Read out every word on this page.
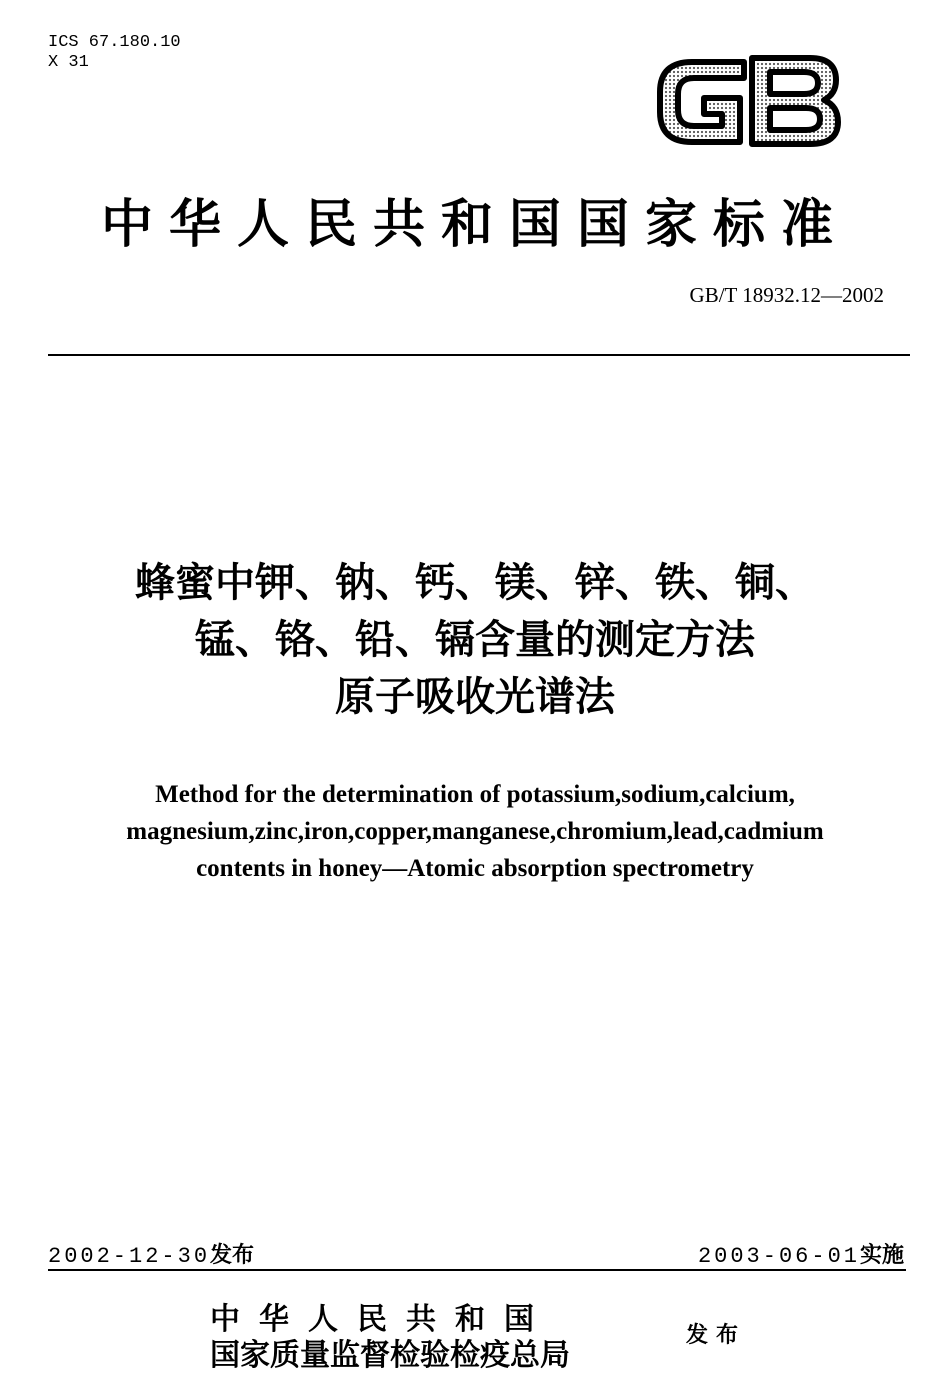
ICS 67.180.10
X 31
中华人民共和国国家标准
GB/T 18932.12—2002
蜂蜜中钾、钠、钙、镁、锌、铁、铜、
锰、铬、铅、镉含量的测定方法
原子吸收光谱法
Method for the determination of potassium,sodium,calcium,
magnesium,zinc,iron,copper,manganese,chromium,lead,cadmium
contents in honey—Atomic absorption spectrometry
2002-12-30发布	2003-06-01实施
中华人民共和国
国家质量监督检验检疫总局
发布
